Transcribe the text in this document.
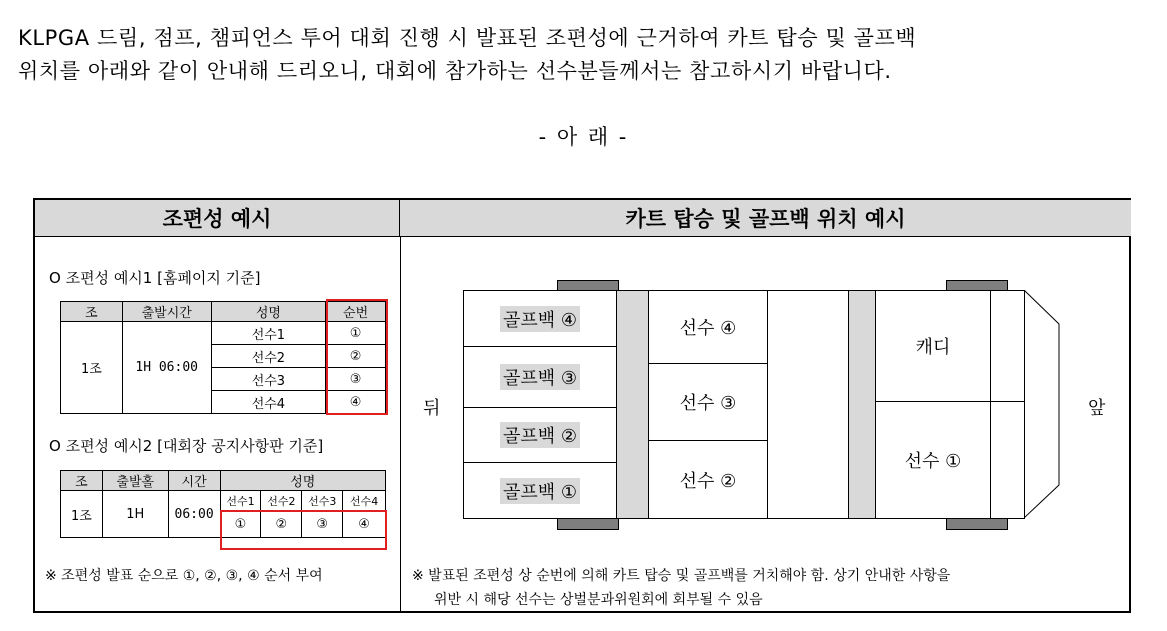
KLPGA 드림, 점프, 챔피언스 투어 대회 진행 시 발표된 조편성에 근거하여 카트 탑승 및 골프백
위치를 아래와 같이 안내해 드리오니, 대회에 참가하는 선수분들께서는 참고하시기 바랍니다.
- 아 래 -
조편성 예시	카트 탑승 및 골프백 위치 예시
O 조편성 예시1 [홈페이지 기준]
조	출발시간	성명	순번
1조	1H 06:00	선수1	①
		선수2	②
		선수3	③
		선수4	④
O 조편성 예시2 [대회장 공지사항판 기준]
조	출발홀	시간	성명			
1조	1H	06:00	선수1	선수2	선수3	선수4
			①	②	③	④
※ 조편성 발표 순으로 ①, ②, ③, ④ 순서 부여
뒤	앞
골프백 ④
골프백 ③
골프백 ②
골프백 ①
선수 ④
선수 ③
선수 ②
캐디
선수 ①
※ 발표된 조편성 상 순번에 의해 카트 탑승 및 골프백를 거치해야 함. 상기 안내한 사항을
위반 시 해당 선수는 상벌분과위원회에 회부될 수 있음
